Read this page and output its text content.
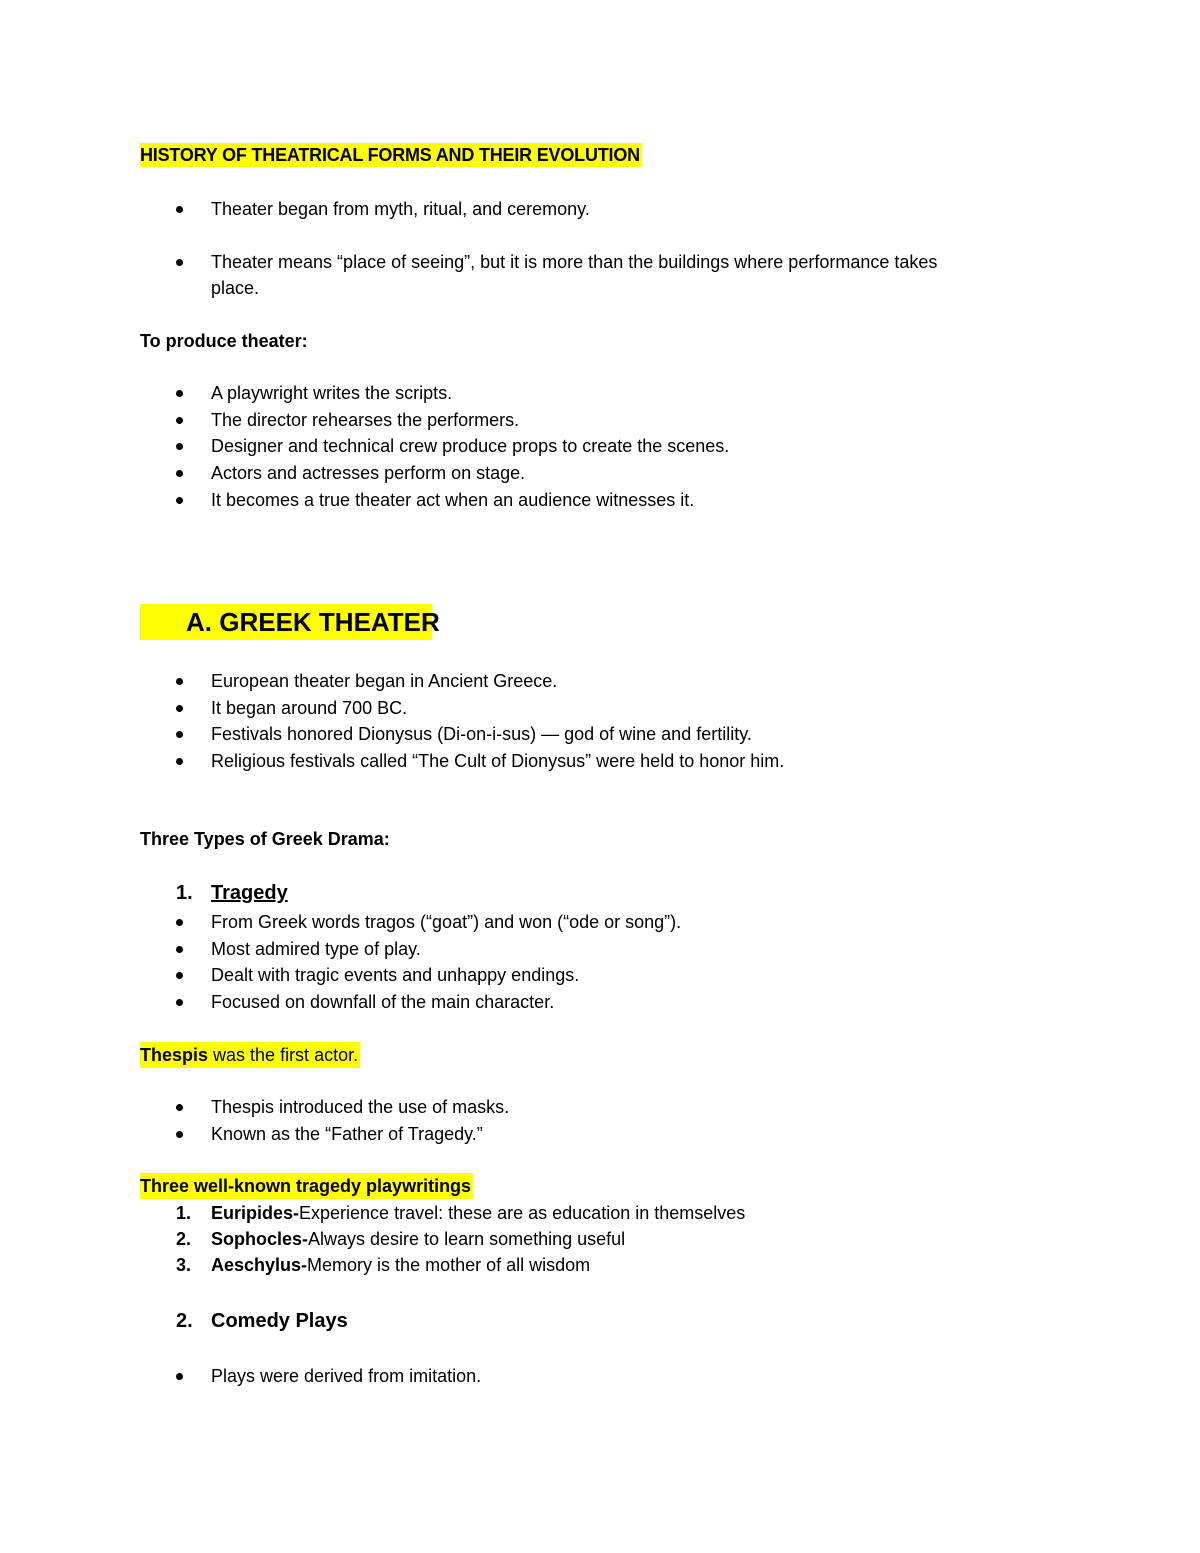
HISTORY OF THEATRICAL FORMS AND THEIR EVOLUTION
Theater began from myth, ritual, and ceremony.
Theater means “place of seeing”, but it is more than the buildings where performance takes
place.
To produce theater:
A playwright writes the scripts.
The director rehearses the performers.
Designer and technical crew produce props to create the scenes.
Actors and actresses perform on stage.
It becomes a true theater act when an audience witnesses it.
A. GREEK THEATER
European theater began in Ancient Greece.
It began around 700 BC.
Festivals honored Dionysus (Di-on-i-sus) — god of wine and fertility.
Religious festivals called “The Cult of Dionysus” were held to honor him.
Three Types of Greek Drama:
1. Tragedy
From Greek words tragos (“goat”) and won (“ode or song”).
Most admired type of play.
Dealt with tragic events and unhappy endings.
Focused on downfall of the main character.
Thespis was the first actor.
Thespis introduced the use of masks.
Known as the “Father of Tragedy.”
Three well-known tragedy playwritings
1. Euripides-Experience travel: these are as education in themselves
2. Sophocles-Always desire to learn something useful
3. Aeschylus-Memory is the mother of all wisdom
2. Comedy Plays
Plays were derived from imitation.
